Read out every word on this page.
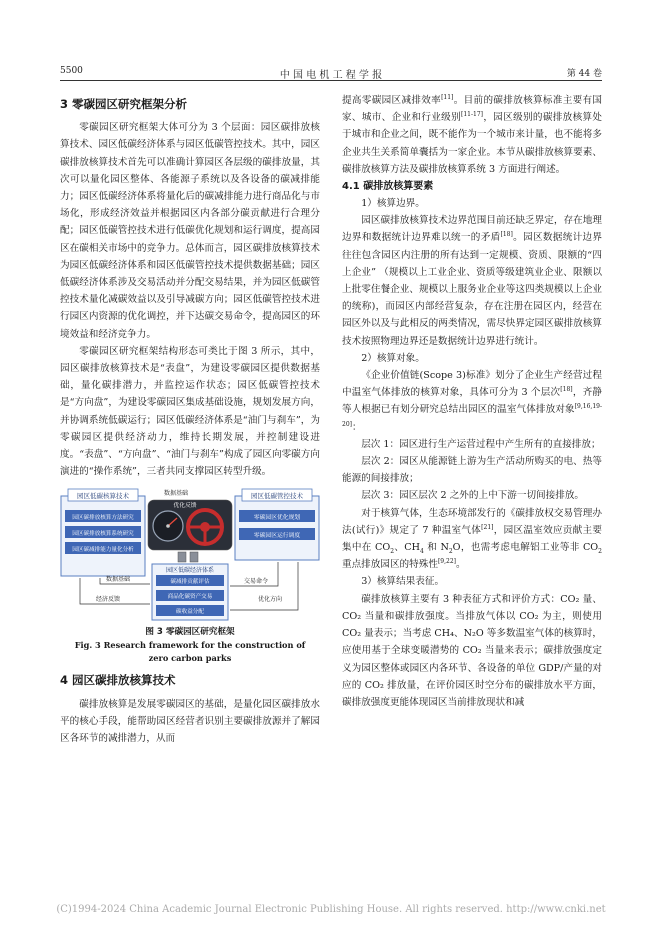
5500	中 国 电 机 工 程 学 报	第 44 卷
3 零碳园区研究框架分析

零碳园区研究框架大体可分为 3 个层面：园区碳排放核算技术、园区低碳经济体系与园区低碳管控技术。其中，园区碳排放核算技术首先可以准确计算园区各层级的碳排放量，其次可以量化园区整体、各能源子系统以及各设备的碳减排能力；园区低碳经济体系将量化后的碳减排能力进行商品化与市场化，形成经济效益并根据园区内各部分碳贡献进行合理分配；园区低碳管控技术进行低碳优化规划和运行调度，提高园区在碳相关市场中的竞争力。总体而言，园区碳排放核算技术为园区低碳经济体系和园区低碳管控技术提供数据基础；园区低碳经济体系涉及交易活动并分配交易结果，并为园区低碳管控技术量化减碳效益以及引导减碳方向；园区低碳管控技术进行园区内资源的优化调控，并下达碳交易命令，提高园区的环境效益和经济竞争力。

零碳园区研究框架结构形态可类比于图 3 所示，其中，园区碳排放核算技术是“表盘”，为建设零碳园区提供数据基础，量化碳排潜力，并监控运作状态；园区低碳管控技术是“方向盘”，为建设零碳园区集成基础设施，规划发展方向，并协调系统低碳运行；园区低碳经济体系是“油门与刹车”，为零碳园区提供经济动力，维持长期发展，并控制建设进度。“表盘”、“方向盘”、“油门与刹车”构成了园区向零碳方向演进的“操作系统”，三者共同支撑园区转型升级。

园区低碳核算技术
园区碳排放核算方法研究
园区碳排放核算系统研究
园区碳减排能力量化分析
园区低碳管控技术
零碳园区优化规划
零碳园区运行调度
数据基础
优化反馈
园区低碳经济体系
碳减排贡献评估
商品化碳资产交易
碳收益分配
数据基础
经济反馈
交易命令
优化方向
图 3 零碳园区研究框架
Fig. 3 Research framework for the construction of
zero carbon parks
4 园区碳排放核算技术

碳排放核算是发展零碳园区的基础，是量化园区碳排放水平的核心手段，能帮助园区经营者识别主要碳排放源并了解园区各环节的减排潜力，从而

提高零碳园区减排效率[11]。目前的碳排放核算标准主要有国家、城市、企业和行业级别[11-17]，园区级别的碳排放核算处于城市和企业之间，既不能作为一个城市来计量，也不能将多企业共生关系简单囊括为一家企业。本节从碳排放核算要素、碳排放核算方法及碳排放核算系统 3 方面进行阐述。

4.1 碳排放核算要素

1）核算边界。

园区碳排放核算技术边界范围目前还缺乏界定，存在地理边界和数据统计边界难以统一的矛盾[18]。园区数据统计边界往往包含园区内注册的所有达到一定规模、资质、限额的“四上企业” （规模以上工业企业、资质等级建筑业企业、限额以上批零住餐企业、规模以上服务业企业等这四类规模以上企业的统称)，而园区内部经营复杂，存在注册在园区内，经营在园区外以及与此相反的两类情况，需尽快界定园区碳排放核算技术按照物理边界还是数据统计边界进行统计。

2）核算对象。

《企业价值链(Scope 3)标准》划分了企业生产经营过程中温室气体排放的核算对象，具体可分为 3 个层次[18]，齐静等人根据已有划分研究总结出园区的温室气体排放对象[9,16,19-20]：

层次 1：园区进行生产运营过程中产生所有的直接排放；

层次 2：园区从能源链上游为生产活动所购买的电、热等能源的间接排放；

层次 3：园区层次 2 之外的上中下游一切间接排放。

对于核算气体，生态环境部发行的《碳排放权交易管理办法(试行)》规定了 7 种温室气体[21]，园区温室效应贡献主要集中在 $CO_2$、$CH_4$ 和 $N_2O$，也需考虑电解铝工业等非 $CO_2$ 重点排放园区的特殊性[9,22]。

3）核算结果表征。

碳排放核算主要有 3 种表征方式和评价方式：CO₂ 量、CO₂ 当量和碳排放强度。当排放气体以 CO₂ 为主，则使用 CO₂ 量表示；当考虑 CH₄、N₂O 等多数温室气体的核算时，应使用基于全球变暖潜势的 CO₂ 当量来表示；碳排放强度定义为园区整体或园区内各环节、各设备的单位 GDP/产量的对应的 CO₂ 排放量，在评价园区时空分布的碳排放水平方面，碳排放强度更能体现园区当前排放现状和减

(C)1994-2024 China Academic Journal Electronic Publishing House. All rights reserved. http://www.cnki.net
